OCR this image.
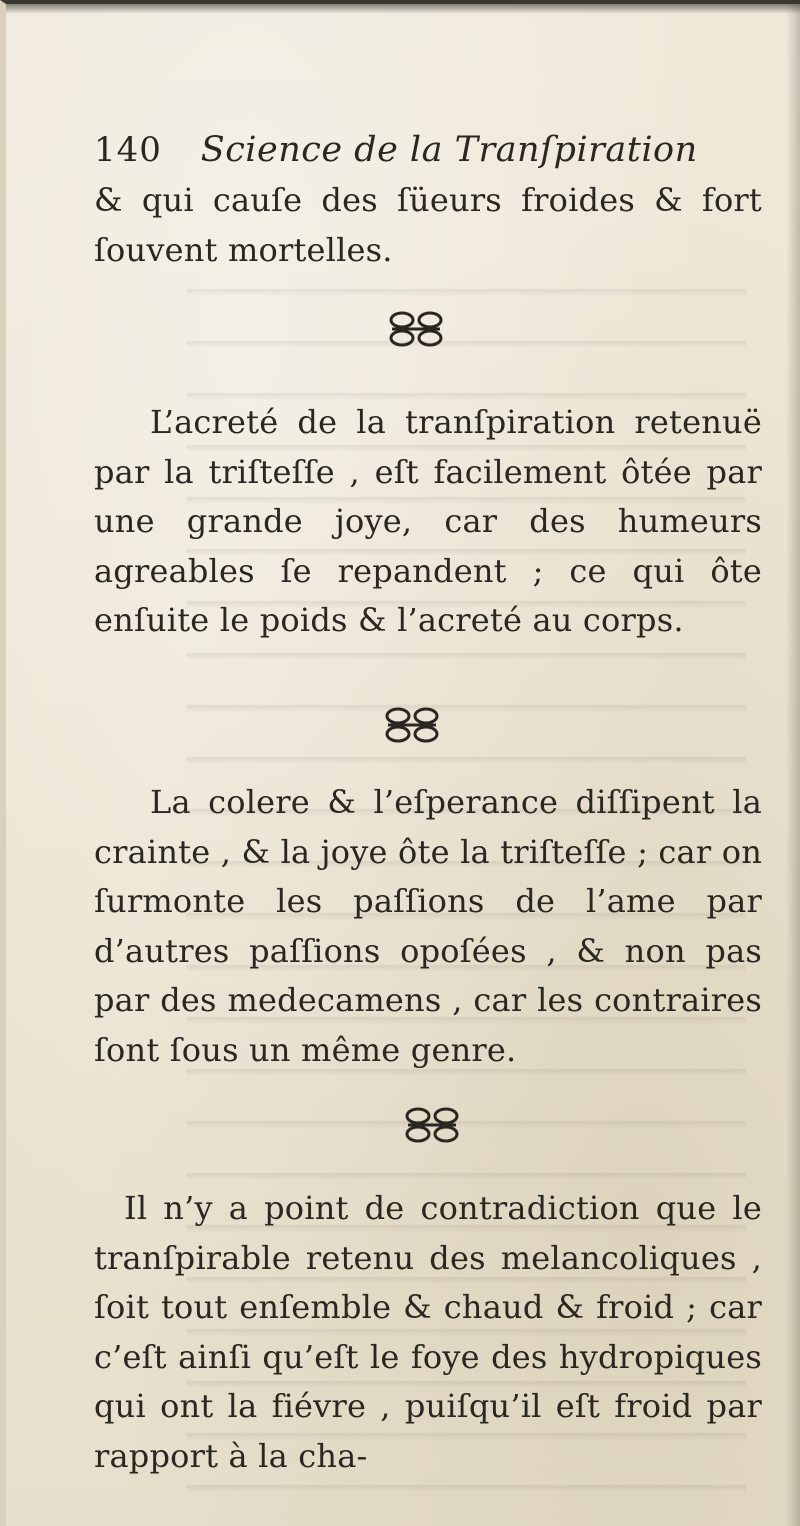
140 Science de la Tranſpiration

& qui cauſe des ſüeurs froides & fort ſouvent mortelles.

L’acreté de la tranſpiration retenuë par la triſteſſe , eſt facilement ôtée par une grande joye, car des humeurs agreables ſe repandent ; ce qui ôte enſuite le poids & l’acreté au corps.

La colere & l’eſperance diſſipent la crainte , & la joye ôte la triſteſſe ; car on ſurmonte les paſſions de l’ame par d’autres paſſions opoſées , & non pas par des medecamens , car les contraires ſont ſous un même genre.

Il n’y a point de contradiction que le tranſpirable retenu des melancoliques , ſoit tout enſemble & chaud & froid ; car c’eſt ainſi qu’eſt le foye des hydropiques qui ont la fiévre , puiſqu’il eſt froid par rapport à la cha-
